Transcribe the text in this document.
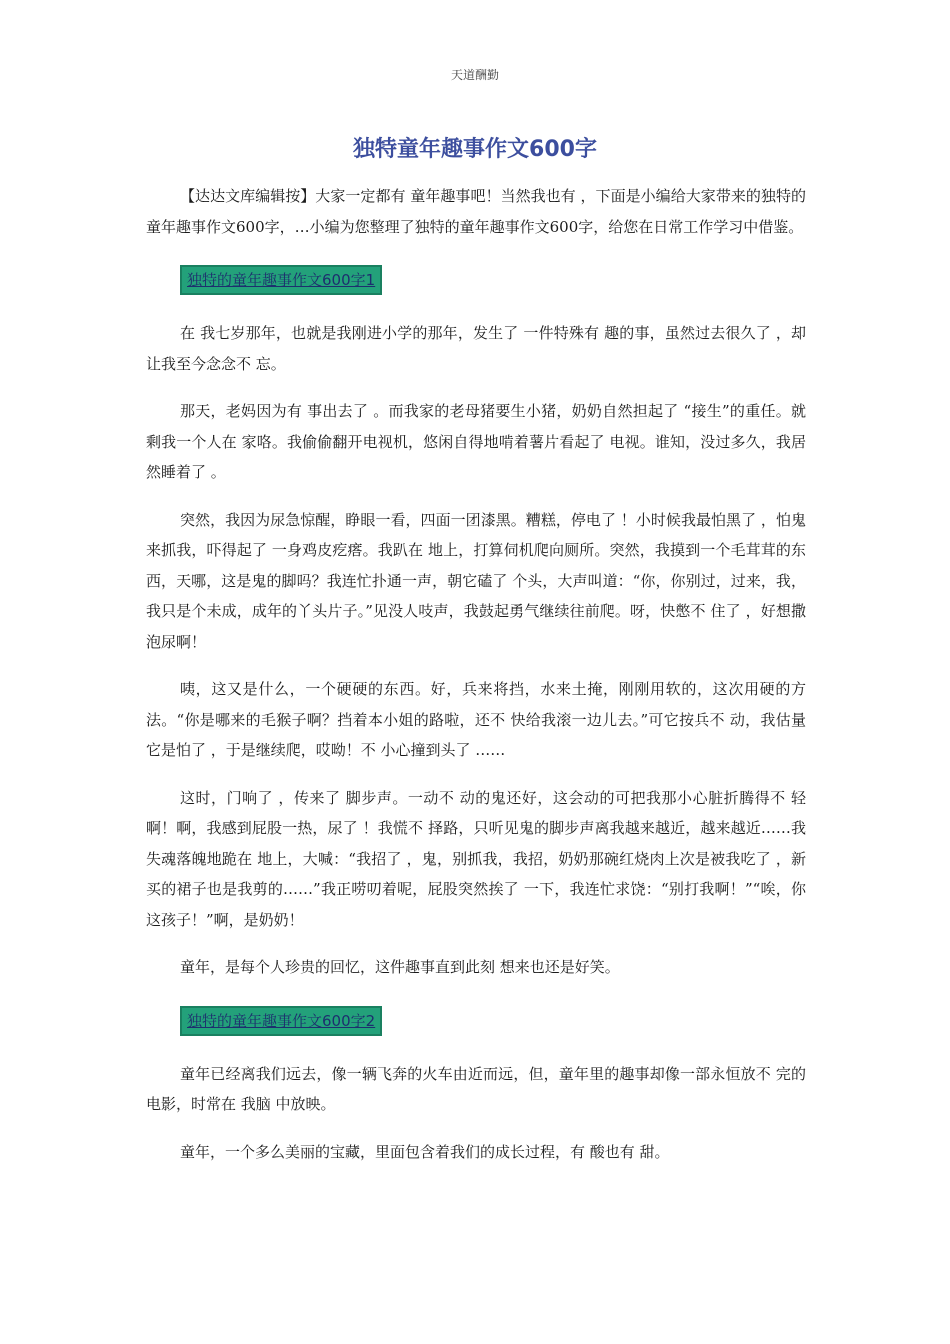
天道酬勤
独特童年趣事作文600字

【达达文库编辑按】大家一定都有 童年趣事吧！当然我也有 ，下面是小编给大家带来的独特的童年趣事作文600字，…小编为您整理了独特的童年趣事作文600字，给您在日常工作学习中借鉴。

独特的童年趣事作文600字1

在 我七岁那年，也就是我刚进小学的那年，发生了 一件特殊有 趣的事，虽然过去很久了 ，却让我至今念念不 忘。

那天，老妈因为有 事出去了 。而我家的老母猪要生小猪，奶奶自然担起了 “接生”的重任。就剩我一个人在 家咯。我偷偷翻开电视机，悠闲自得地啃着薯片看起了 电视。谁知，没过多久，我居然睡着了 。

突然，我因为尿急惊醒，睁眼一看，四面一团漆黑。糟糕，停电了 ！小时候我最怕黑了 ，怕鬼来抓我，吓得起了 一身鸡皮疙瘩。我趴在 地上，打算伺机爬向厕所。突然，我摸到一个毛茸茸的东西，天哪，这是鬼的脚吗？我连忙扑通一声，朝它磕了 个头，大声叫道：“你，你别过，过来，我，我只是个未成，成年的丫头片子。”见没人吱声，我鼓起勇气继续往前爬。呀，快憋不 住了 ，好想撒泡尿啊！

咦，这又是什么，一个硬硬的东西。好，兵来将挡，水来土掩，刚刚用软的，这次用硬的方法。“你是哪来的毛猴子啊？挡着本小姐的路啦，还不 快给我滚一边儿去。”可它按兵不 动，我估量它是怕了 ，于是继续爬，哎呦！不 小心撞到头了 ……

这时，门响了 ，传来了 脚步声。一动不 动的鬼还好，这会动的可把我那小心脏折腾得不 轻啊！啊，我感到屁股一热，尿了 ！我慌不 择路，只听见鬼的脚步声离我越来越近，越来越近……我失魂落魄地跪在 地上，大喊：“我招了 ，鬼，别抓我，我招，奶奶那碗红烧肉上次是被我吃了 ，新买的裙子也是我剪的……”我正唠叨着呢，屁股突然挨了 一下，我连忙求饶：“别打我啊！”“唉，你这孩子！”啊，是奶奶！

童年，是每个人珍贵的回忆，这件趣事直到此刻 想来也还是好笑。

独特的童年趣事作文600字2

童年已经离我们远去，像一辆飞奔的火车由近而远，但，童年里的趣事却像一部永恒放不 完的电影，时常在 我脑 中放映。

童年，一个多么美丽的宝藏，里面包含着我们的成长过程，有 酸也有 甜。
